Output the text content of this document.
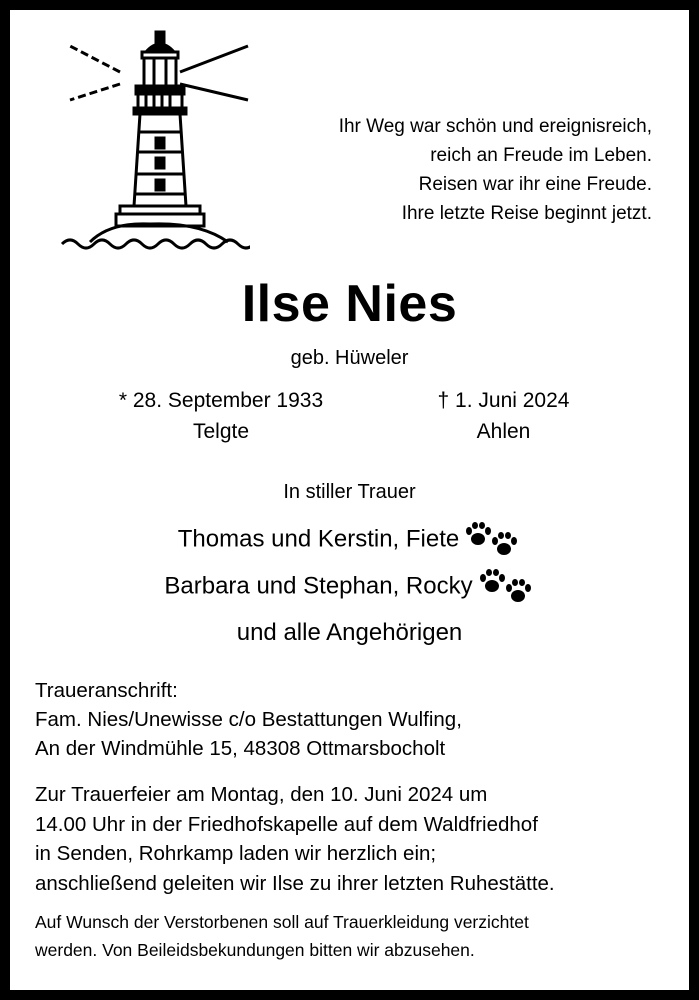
Ihr Weg war schön und ereignisreich,
reich an Freude im Leben.
Reisen war ihr eine Freude.
Ihre letzte Reise beginnt jetzt.
Ilse Nies
geb. Hüweler
* 28. September 1933
Telgte
† 1. Juni 2024
Ahlen
In stiller Trauer
Thomas und Kerstin, Fiete
Barbara und Stephan, Rocky
und alle Angehörigen
Traueranschrift:
Fam. Nies/Unewisse c/o Bestattungen Wulfing,
An der Windmühle 15, 48308 Ottmarsbocholt
Zur Trauerfeier am Montag, den 10. Juni 2024 um
14.00 Uhr in der Friedhofskapelle auf dem Waldfriedhof
in Senden, Rohrkamp laden wir herzlich ein;
anschließend geleiten wir Ilse zu ihrer letzten Ruhestätte.
Auf Wunsch der Verstorbenen soll auf Trauerkleidung verzichtet
werden. Von Beileidsbekundungen bitten wir abzusehen.
